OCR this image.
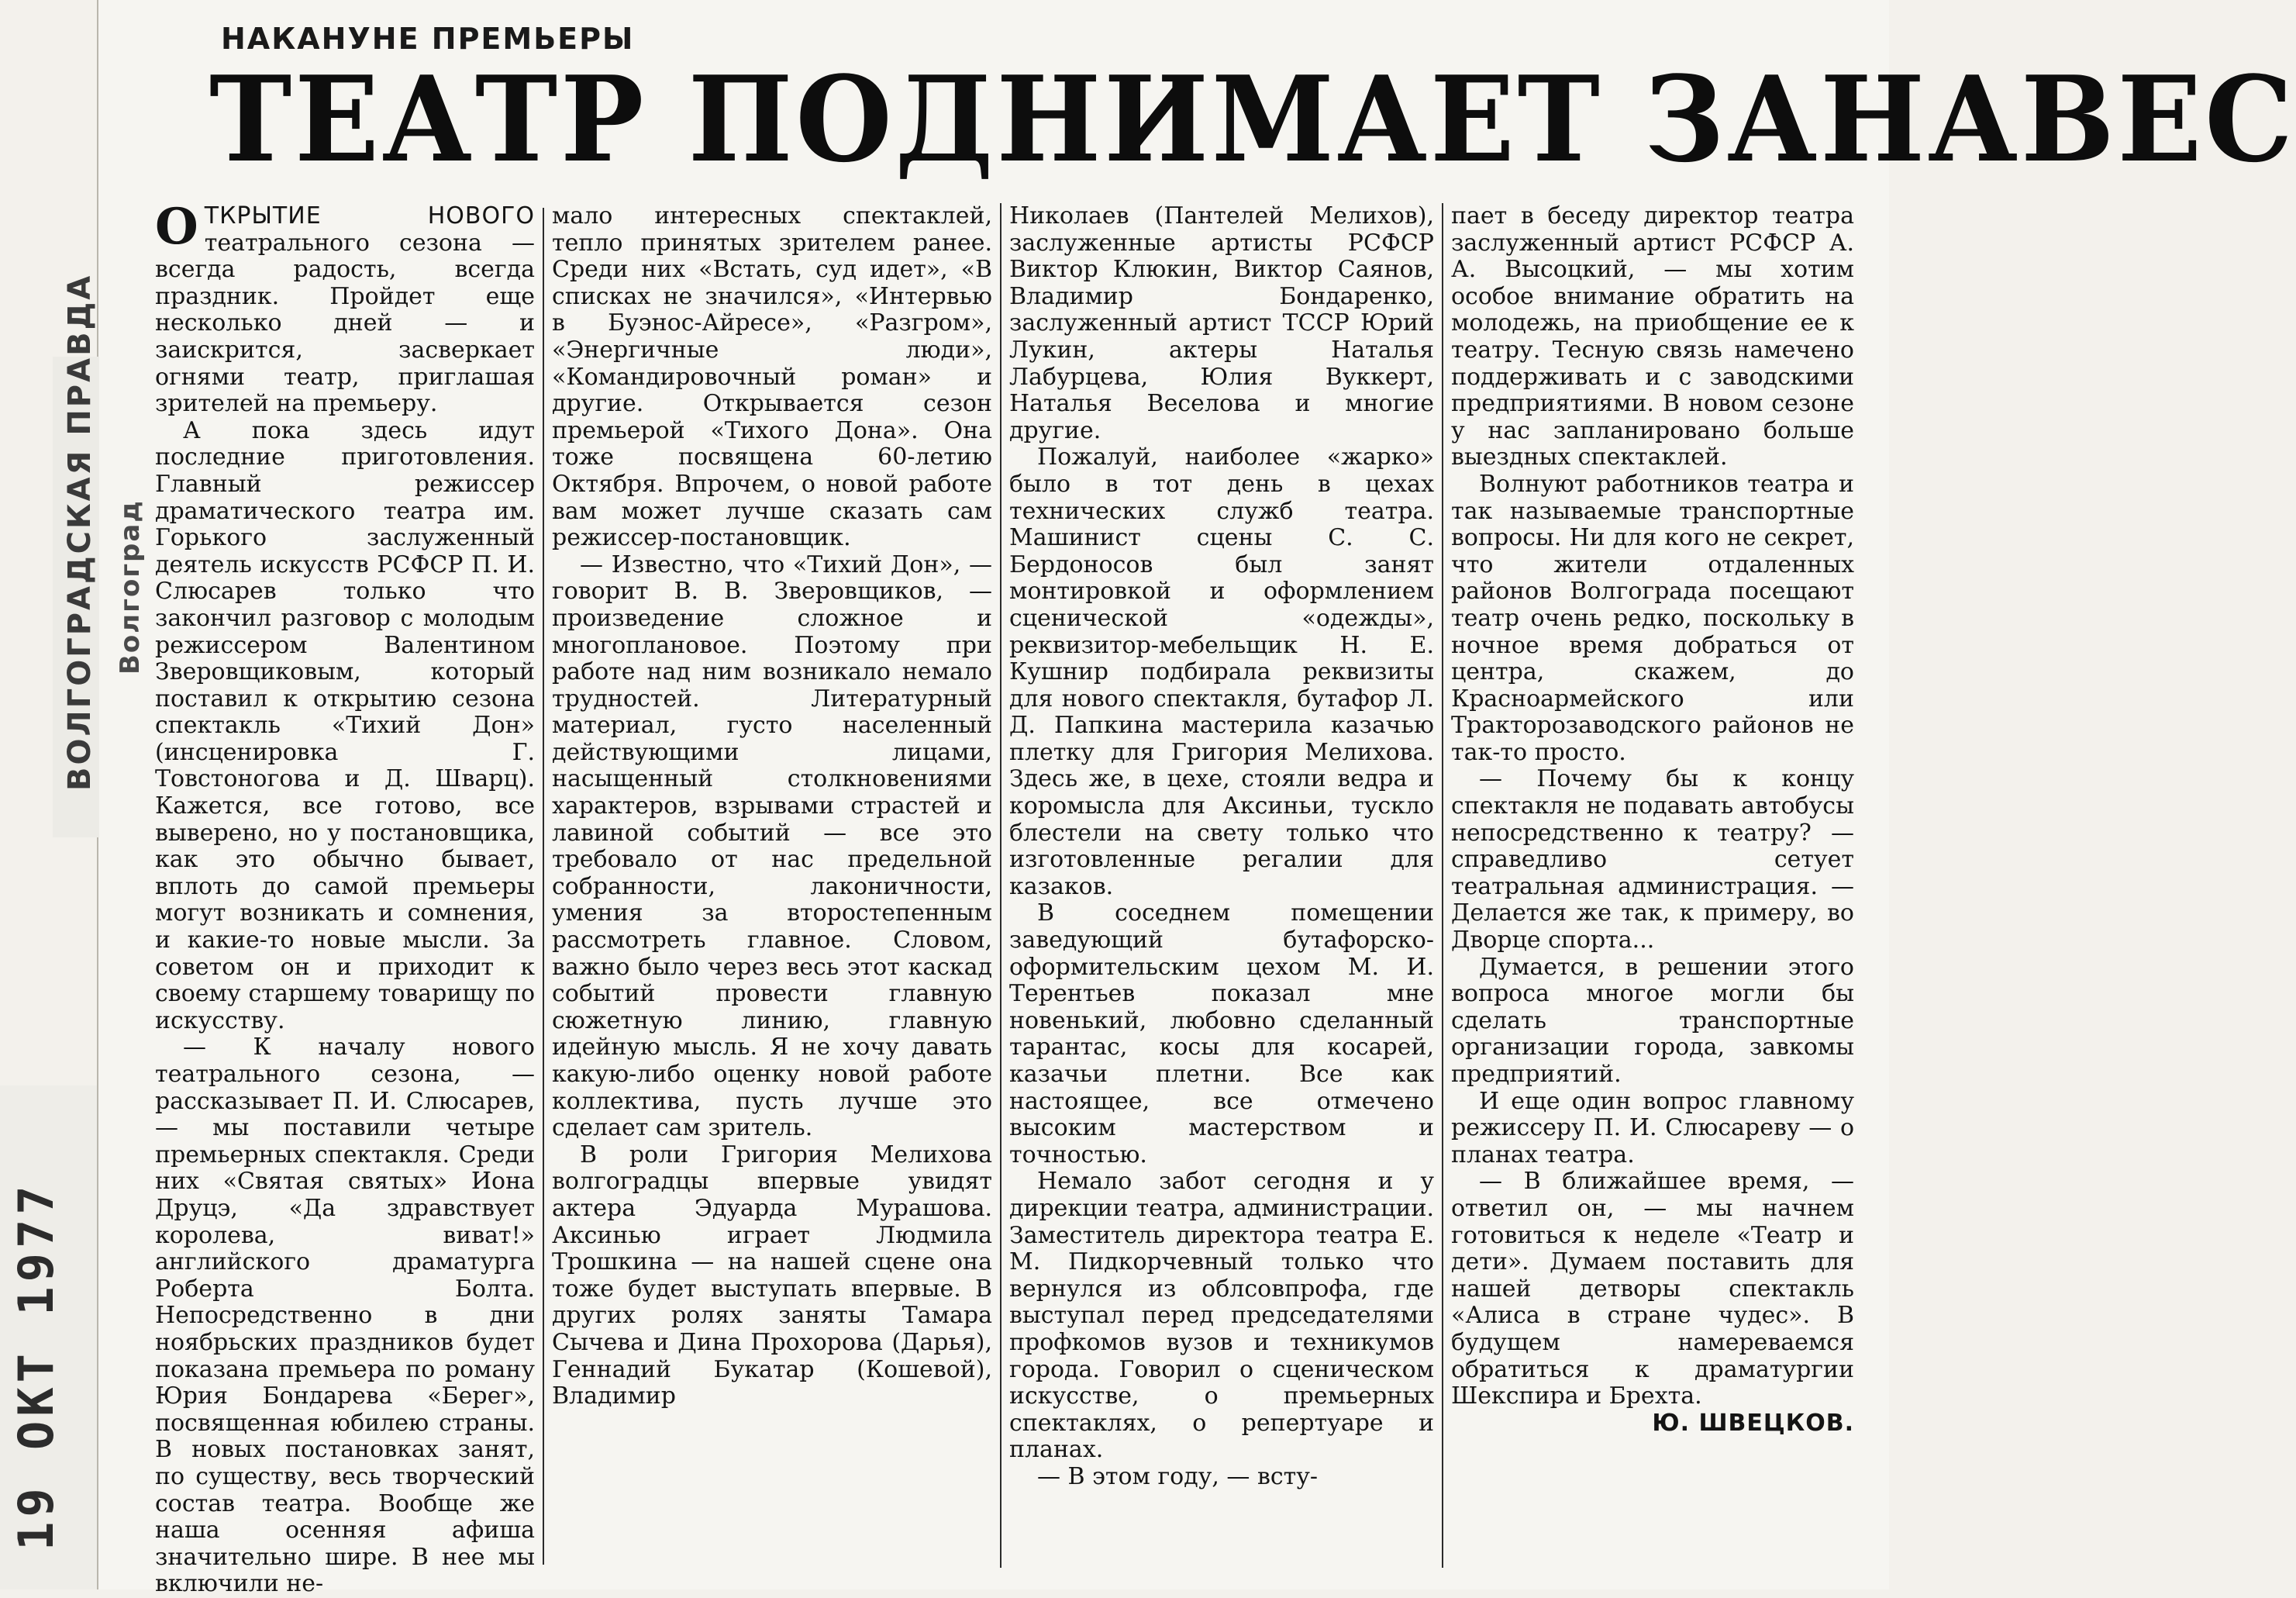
ВОЛГОГРАДСКАЯ ПРАВДА Волгоград
19 ОКТ 1977
НАКАНУНЕ ПРЕМЬЕРЫ
ТЕАТР ПОДНИМАЕТ ЗАНАВЕС

ОТКРЫТИЕ НОВОГО театрального сезона — всегда радость, всегда праздник. Пройдет еще несколько дней — и заискрится, засверкает огнями театр, приглашая зрителей на премьеру.

А пока здесь идут последние приготовления. Главный режиссер драматического театра им. Горького заслуженный деятель искусств РСФСР П. И. Слюсарев только что закончил разговор с молодым режиссером Валентином Зверовщиковым, который поставил к открытию сезона спектакль «Тихий Дон» (инсценировка Г. Товстоногова и Д. Шварц). Кажется, все готово, все выверено, но у постановщика, как это обычно бывает, вплоть до самой премьеры могут возникать и сомнения, и какие-то новые мысли. За советом он и приходит к своему старшему товарищу по искусству.

— К началу нового театрального сезона, — рассказывает П. И. Слюсарев, — мы поставили четыре премьерных спектакля. Среди них «Святая святых» Иона Друцэ, «Да здравствует королева, виват!» английского драматурга Роберта Болта. Непосредственно в дни ноябрьских праздников будет показана премьера по роману Юрия Бондарева «Берег», посвященная юбилею страны. В новых постановках занят, по существу, весь творческий состав театра. Вообще же наша осенняя афиша значительно шире. В нее мы включили не-

мало интересных спектаклей, тепло принятых зрителем ранее. Среди них «Встать, суд идет», «В списках не значился», «Интервью в Буэнос-Айресе», «Разгром», «Энергичные люди», «Командировочный роман» и другие. Открывается сезон премьерой «Тихого Дона». Она тоже посвящена 60-летию Октября. Впрочем, о новой работе вам может лучше сказать сам режиссер-постановщик.

— Известно, что «Тихий Дон», — говорит В. В. Зверовщиков, — произведение сложное и многоплановое. Поэтому при работе над ним возникало немало трудностей. Литературный материал, густо населенный действующими лицами, насыщенный столкновениями характеров, взрывами страстей и лавиной событий — все это требовало от нас предельной собранности, лаконичности, умения за второстепенным рассмотреть главное. Словом, важно было через весь этот каскад событий провести главную сюжетную линию, главную идейную мысль. Я не хочу давать какую-либо оценку новой работе коллектива, пусть лучше это сделает сам зритель.

В роли Григория Мелихова волгоградцы впервые увидят актера Эдуарда Мурашова. Аксинью играет Людмила Трошкина — на нашей сцене она тоже будет выступать впервые. В других ролях заняты Тамара Сычева и Дина Прохорова (Дарья), Геннадий Букатар (Кошевой), Владимир

Николаев (Пантелей Мелихов), заслуженные артисты РСФСР Виктор Клюкин, Виктор Саянов, Владимир Бондаренко, заслуженный артист ТССР Юрий Лукин, актеры Наталья Лабурцева, Юлия Вуккерт, Наталья Веселова и многие другие.

Пожалуй, наиболее «жарко» было в тот день в цехах технических служб театра. Машинист сцены С. С. Бердоносов был занят монтировкой и оформлением сценической «одежды», реквизитор-мебельщик Н. Е. Кушнир подбирала реквизиты для нового спектакля, бутафор Л. Д. Папкина мастерила казачью плетку для Григория Мелихова. Здесь же, в цехе, стояли ведра и коромысла для Аксиньи, тускло блестели на свету только что изготовленные регалии для казаков.

В соседнем помещении заведующий бутафорско-оформительским цехом М. И. Терентьев показал мне новенький, любовно сделанный тарантас, косы для косарей, казачьи плетни. Все как настоящее, все отмечено высоким мастерством и точностью.

Немало забот сегодня и у дирекции театра, администрации. Заместитель директора театра Е. М. Пидкорчевный только что вернулся из облсовпрофа, где выступал перед председателями профкомов вузов и техникумов города. Говорил о сценическом искусстве, о премьерных спектаклях, о репертуаре и планах.

— В этом году, — всту-

пает в беседу директор театра заслуженный артист РСФСР А. А. Высоцкий, — мы хотим особое внимание обратить на молодежь, на приобщение ее к театру. Тесную связь намечено поддерживать и с заводскими предприятиями. В новом сезоне у нас запланировано больше выездных спектаклей.

Волнуют работников театра и так называемые транспортные вопросы. Ни для кого не секрет, что жители отдаленных районов Волгограда посещают театр очень редко, поскольку в ночное время добраться от центра, скажем, до Красноармейского или Тракторозаводского районов не так-то просто.

— Почему бы к концу спектакля не подавать автобусы непосредственно к театру? — справедливо сетует театральная администрация. — Делается же так, к примеру, во Дворце спорта...

Думается, в решении этого вопроса многое могли бы сделать транспортные организации города, завкомы предприятий.

И еще один вопрос главному режиссеру П. И. Слюсареву — о планах театра.

— В ближайшее время, — ответил он, — мы начнем готовиться к неделе «Театр и дети». Думаем поставить для нашей детворы спектакль «Алиса в стране чудес». В будущем намереваемся обратиться к драматургии Шекспира и Брехта.

Ю. ШВЕЦКОВ.
